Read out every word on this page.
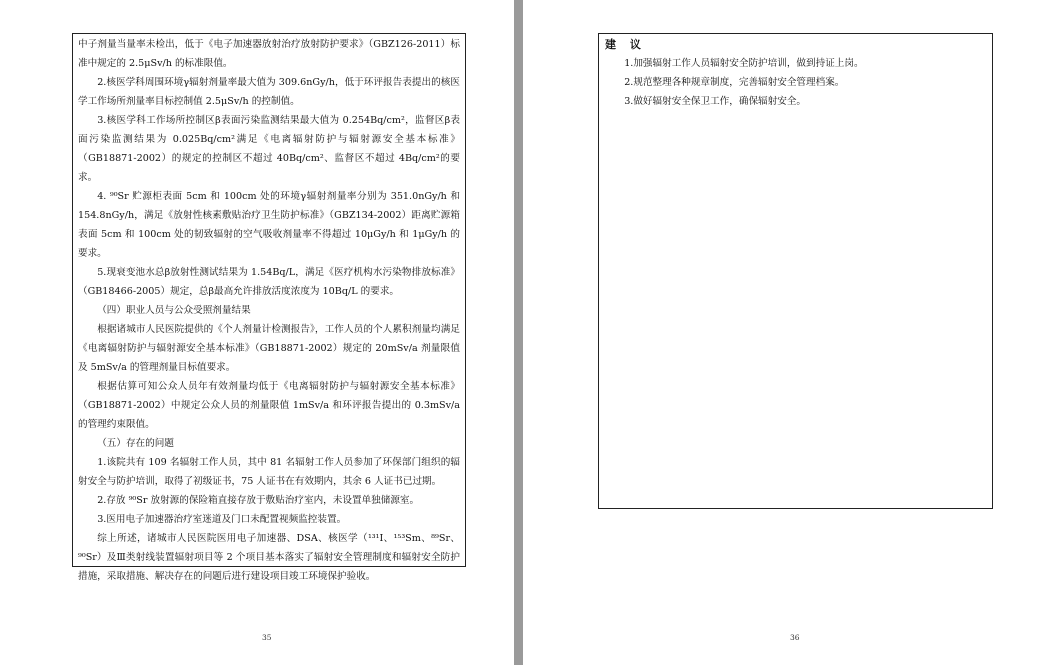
中子剂量当量率未检出，低于《电子加速器放射治疗放射防护要求》（GBZ126-2011）标准中规定的 2.5μSv/h 的标准限值。

2.核医学科周围环境γ辐射剂量率最大值为 309.6nGy/h，低于环评报告表提出的核医学工作场所剂量率目标控制值 2.5μSv/h 的控制值。

3.核医学科工作场所控制区β表面污染监测结果最大值为 0.254Bq/cm²，监督区β表面污染监测结果为 0.025Bq/cm²满足《电离辐射防护与辐射源安全基本标准》（GB18871-2002）的规定的控制区不超过 40Bq/cm²、监督区不超过 4Bq/cm²的要求。

4. ⁹⁰Sr 贮源柜表面 5cm 和 100cm 处的环境γ辐射剂量率分别为 351.0nGy/h 和 154.8nGy/h，满足《放射性核素敷贴治疗卫生防护标准》（GBZ134-2002）距离贮源箱表面 5cm 和 100cm 处的韧致辐射的空气吸收剂量率不得超过 10μGy/h 和 1μGy/h 的要求。

5.现衰变池水总β放射性测试结果为 1.54Bq/L，满足《医疗机构水污染物排放标准》（GB18466-2005）规定，总β最高允许排放活度浓度为 10Bq/L 的要求。

（四）职业人员与公众受照剂量结果

根据诸城市人民医院提供的《个人剂量计检测报告》，工作人员的个人累积剂量均满足《电离辐射防护与辐射源安全基本标准》（GB18871-2002）规定的 20mSv/a 剂量限值及 5mSv/a 的管理剂量目标值要求。

根据估算可知公众人员年有效剂量均低于《电离辐射防护与辐射源安全基本标准》（GB18871-2002）中规定公众人员的剂量限值 1mSv/a 和环评报告提出的 0.3mSv/a 的管理约束限值。

（五）存在的问题

1.该院共有 109 名辐射工作人员，其中 81 名辐射工作人员参加了环保部门组织的辐射安全与防护培训，取得了初级证书，75 人证书在有效期内，其余 6 人证书已过期。

2.存放 ⁹⁰Sr 放射源的保险箱直接存放于敷贴治疗室内，未设置单独储源室。

3.医用电子加速器治疗室迷道及门口未配置视频监控装置。

综上所述，诸城市人民医院医用电子加速器、DSA、核医学（¹³¹I、¹⁵³Sm、⁸⁹Sr、⁹⁰Sr）及Ⅲ类射线装置辐射项目等 2 个项目基本落实了辐射安全管理制度和辐射安全防护措施，采取措施、解决存在的问题后进行建设项目竣工环境保护验收。

35

建 议

1.加强辐射工作人员辐射安全防护培训，做到持证上岗。

2.规范整理各种规章制度，完善辐射安全管理档案。

3.做好辐射安全保卫工作，确保辐射安全。

36
